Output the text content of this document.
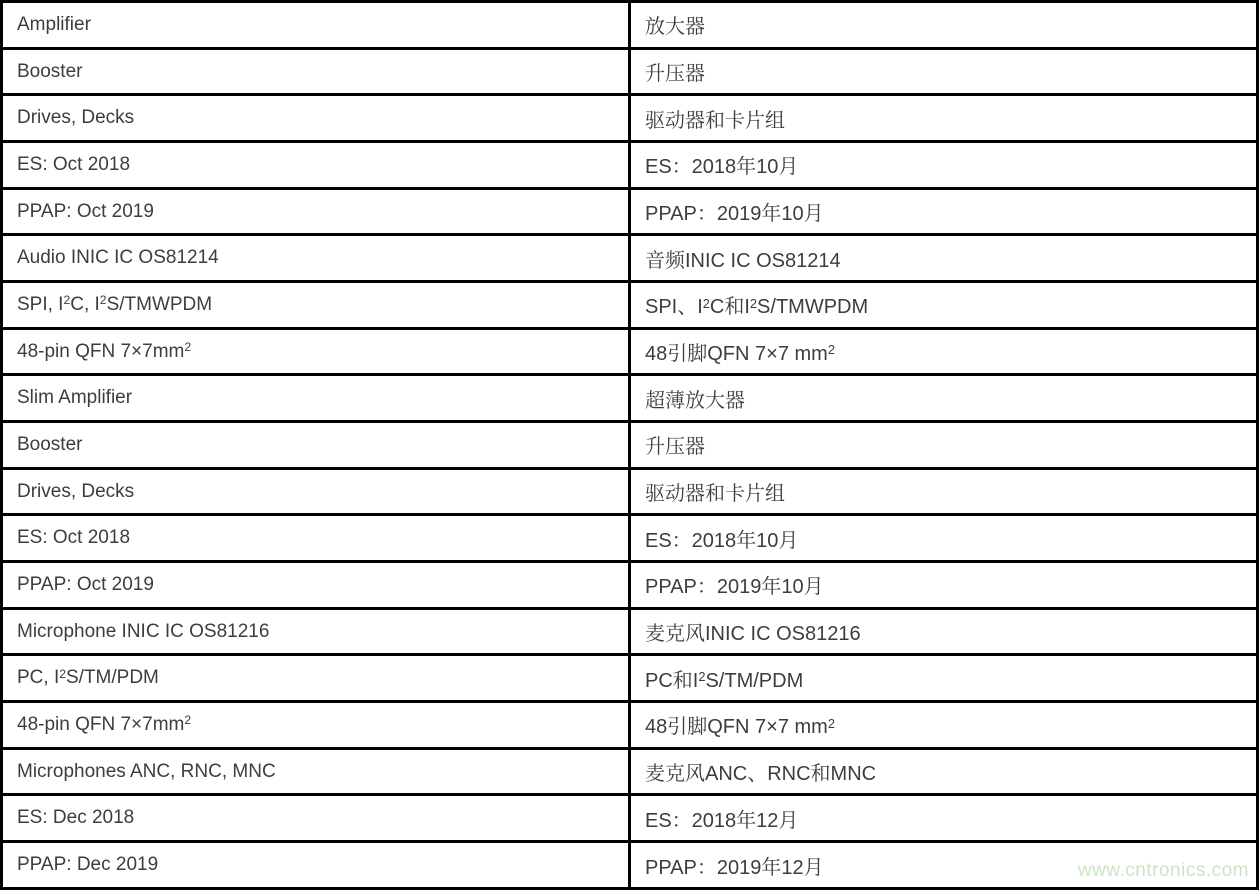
Amplifier	放大器
Booster	升压器
Drives, Decks	驱动器和卡片组
ES: Oct 2018	ES：2018年10月
PPAP: Oct 2019	PPAP：2019年10月
Audio INIC IC OS81214	音频INIC IC OS81214
SPI, $I^2C$, $I^2S$/TMWPDM	SPI、$I^2C$和$I^2S$/TMWPDM
48-pin QFN $7\times 7mm^2$	48引脚QFN 7×7 $mm^2$
Slim Amplifier	超薄放大器
Booster	升压器
Drives, Decks	驱动器和卡片组
ES: Oct 2018	ES：2018年10月
PPAP: Oct 2019	PPAP：2019年10月
Microphone INIC IC OS81216	麦克风INIC IC OS81216
PC, $I^2S/TM$/PDM	PC和$I^2S/TM$/PDM
48-pin QFN $7\times 7mm^2$	48引脚QFN 7×7 $mm^2$
Microphones ANC, RNC, MNC	麦克风ANC、RNC和MNC
ES: Dec 2018	ES：2018年12月
PPAP: Dec 2019	PPAP：2019年12月	www.cntronics.com
